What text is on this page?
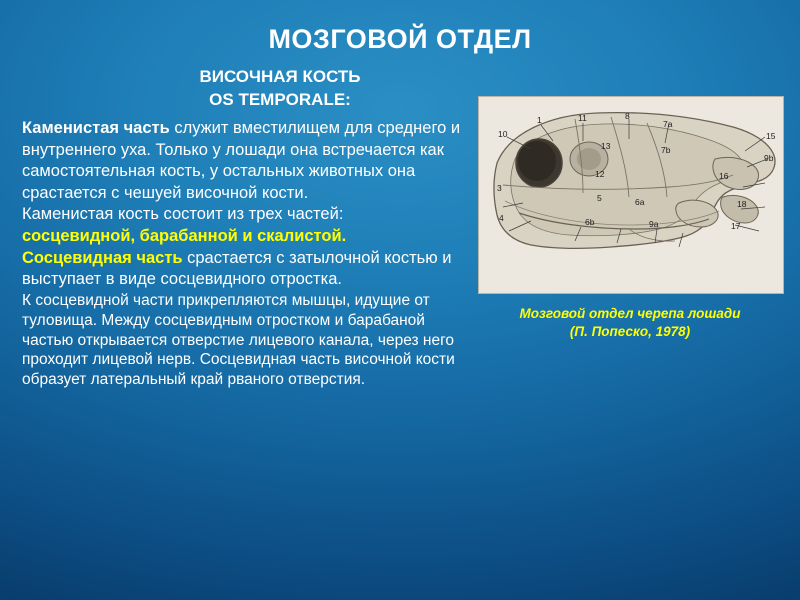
МОЗГОВОЙ ОТДЕЛ
ВИСОЧНАЯ КОСТЬ
OS TEMPORALE:

Каменистая часть служит вместилищем для среднего и внутреннего уха. Только у лошади она встречается как самостоятельная кость, у остальных животных она срастается с чешуей височной кости.

Каменистая кость состоит из трех частей:

сосцевидной, барабанной и скалистой.

Сосцевидная часть срастается с затылочной костью и выступает в виде сосцевидного отростка.

К сосцевидной части прикрепляются мышцы, идущие от туловища. Между сосцевидным отростком и барабаной частью открывается отверстие лицевого канала, через него проходит лицевой нерв. Сосцевидная часть височной кости образует латеральный край рваного отверстия.

10
1	11	8
7a
15
9b
13	7b
12	16
3
5
18
6a
4	6b	9a	17
Мозговой отдел черепа лошади
(П. Попеско, 1978)
